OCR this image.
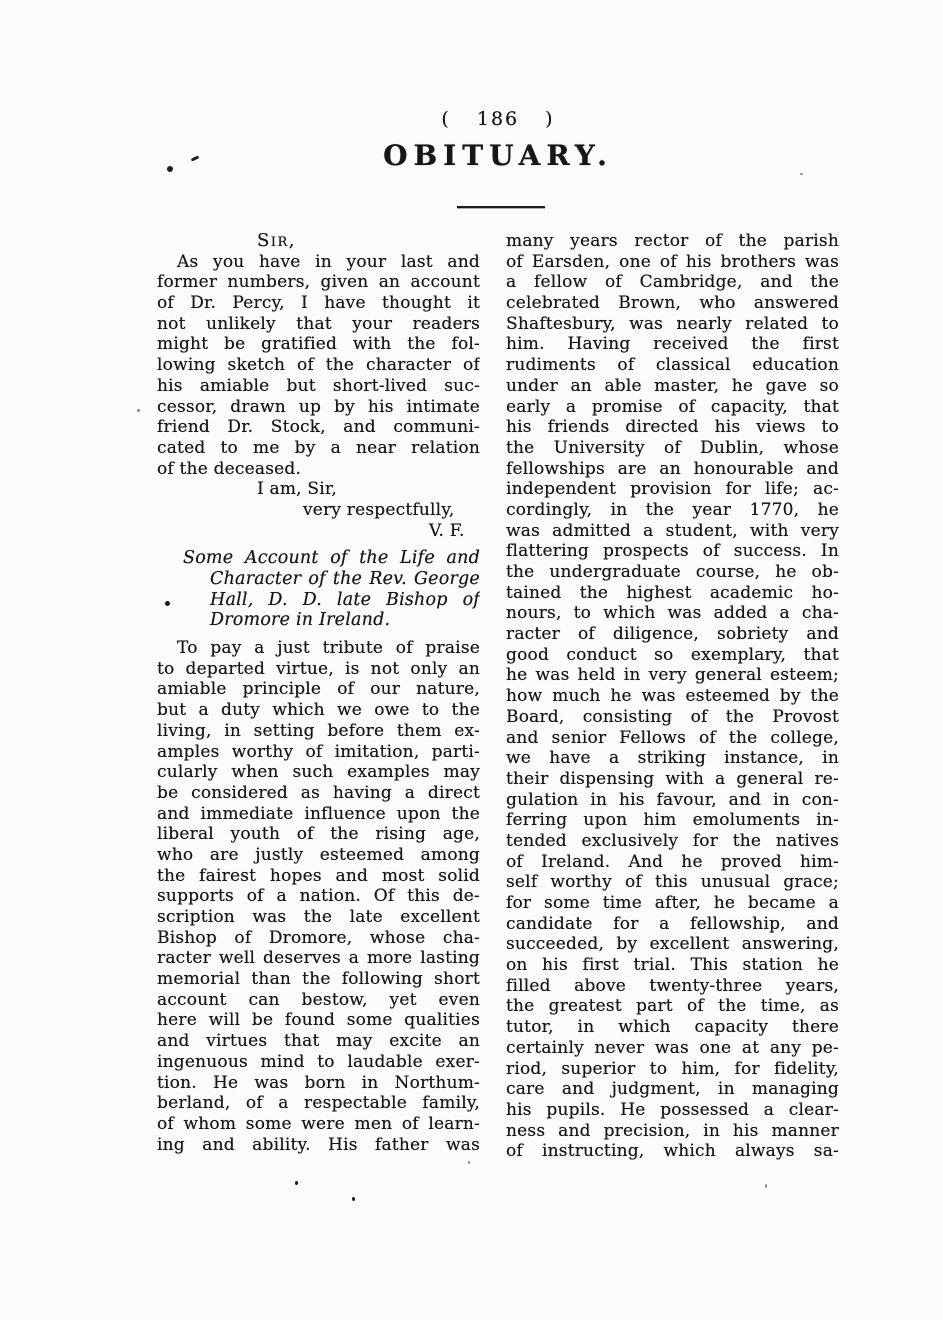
( 186 )
OBITUARY.
Sir,
As you have in your last and
former numbers, given an account
of Dr. Percy, I have thought it
not unlikely that your readers
might be gratified with the fol-
lowing sketch of the character of
his amiable but short-lived suc-
cessor, drawn up by his intimate
friend Dr. Stock, and communi-
cated to me by a near relation
of the deceased.
I am, Sir,
very respectfully,
V. F.
Some Account of the Life and
Character of the Rev. George
Hall, D. D. late Bishop of
Dromore in Ireland.
To pay a just tribute of praise
to departed virtue, is not only an
amiable principle of our nature,
but a duty which we owe to the
living, in setting before them ex-
amples worthy of imitation, parti-
cularly when such examples may
be considered as having a direct
and immediate influence upon the
liberal youth of the rising age,
who are justly esteemed among
the fairest hopes and most solid
supports of a nation. Of this de-
scription was the late excellent
Bishop of Dromore, whose cha-
racter well deserves a more lasting
memorial than the following short
account can bestow, yet even
here will be found some qualities
and virtues that may excite an
ingenuous mind to laudable exer-
tion. He was born in Northum-
berland, of a respectable family,
of whom some were men of learn-
ing and ability. His father was
many years rector of the parish
of Earsden, one of his brothers was
a fellow of Cambridge, and the
celebrated Brown, who answered
Shaftesbury, was nearly related to
him. Having received the first
rudiments of classical education
under an able master, he gave so
early a promise of capacity, that
his friends directed his views to
the University of Dublin, whose
fellowships are an honourable and
independent provision for life; ac-
cordingly, in the year 1770, he
was admitted a student, with very
flattering prospects of success. In
the undergraduate course, he ob-
tained the highest academic ho-
nours, to which was added a cha-
racter of diligence, sobriety and
good conduct so exemplary, that
he was held in very general esteem;
how much he was esteemed by the
Board, consisting of the Provost
and senior Fellows of the college,
we have a striking instance, in
their dispensing with a general re-
gulation in his favour, and in con-
ferring upon him emoluments in-
tended exclusively for the natives
of Ireland. And he proved him-
self worthy of this unusual grace;
for some time after, he became a
candidate for a fellowship, and
succeeded, by excellent answering,
on his first trial. This station he
filled above twenty-three years,
the greatest part of the time, as
tutor, in which capacity there
certainly never was one at any pe-
riod, superior to him, for fidelity,
care and judgment, in managing
his pupils. He possessed a clear-
ness and precision, in his manner
of instructing, which always sa-
